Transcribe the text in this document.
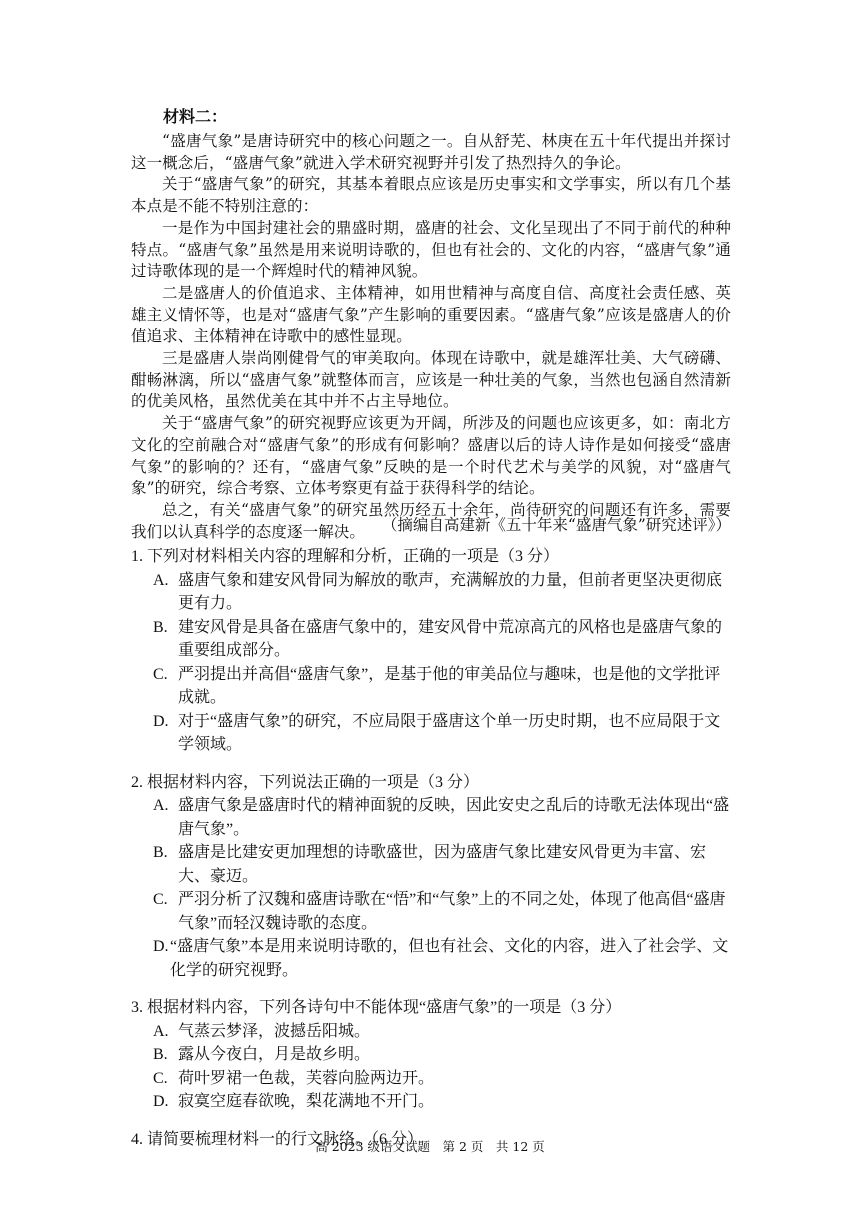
材料二：

“盛唐气象”是唐诗研究中的核心问题之一。自从舒芜、林庚在五十年代提出并探讨这一概念后，“盛唐气象”就进入学术研究视野并引发了热烈持久的争论。

关于“盛唐气象”的研究，其基本着眼点应该是历史事实和文学事实，所以有几个基本点是不能不特别注意的：

一是作为中国封建社会的鼎盛时期，盛唐的社会、文化呈现出了不同于前代的种种特点。“盛唐气象”虽然是用来说明诗歌的，但也有社会的、文化的内容，“盛唐气象”通过诗歌体现的是一个辉煌时代的精神风貌。

二是盛唐人的价值追求、主体精神，如用世精神与高度自信、高度社会责任感、英雄主义情怀等，也是对“盛唐气象”产生影响的重要因素。“盛唐气象”应该是盛唐人的价值追求、主体精神在诗歌中的感性显现。

三是盛唐人崇尚刚健骨气的审美取向。体现在诗歌中，就是雄浑壮美、大气磅礴、酣畅淋漓，所以“盛唐气象”就整体而言，应该是一种壮美的气象，当然也包涵自然清新的优美风格，虽然优美在其中并不占主导地位。

关于“盛唐气象”的研究视野应该更为开阔，所涉及的问题也应该更多，如：南北方文化的空前融合对“盛唐气象”的形成有何影响？盛唐以后的诗人诗作是如何接受“盛唐气象”的影响的？还有，“盛唐气象”反映的是一个时代艺术与美学的风貌，对“盛唐气象”的研究，综合考察、立体考察更有益于获得科学的结论。

总之，有关“盛唐气象”的研究虽然历经五十余年，尚待研究的问题还有许多，需要我们以认真科学的态度逐一解决。	（摘编自高建新《五十年来“盛唐气象”研究述评》）

1. 下列对材料相关内容的理解和分析，正确的一项是（3 分）

A. 盛唐气象和建安风骨同为解放的歌声，充满解放的力量，但前者更坚决更彻底更有力。
B. 建安风骨是具备在盛唐气象中的，建安风骨中荒凉高亢的风格也是盛唐气象的重要组成部分。
C. 严羽提出并高倡“盛唐气象”，是基于他的审美品位与趣味，也是他的文学批评成就。
D. 对于“盛唐气象”的研究，不应局限于盛唐这个单一历史时期，也不应局限于文学领域。

2. 根据材料内容，下列说法正确的一项是（3 分）

A. 盛唐气象是盛唐时代的精神面貌的反映，因此安史之乱后的诗歌无法体现出“盛唐气象”。
B. 盛唐是比建安更加理想的诗歌盛世，因为盛唐气象比建安风骨更为丰富、宏大、豪迈。
C. 严羽分析了汉魏和盛唐诗歌在“悟”和“气象”上的不同之处，体现了他高倡“盛唐气象”而轻汉魏诗歌的态度。
D. “盛唐气象”本是用来说明诗歌的，但也有社会、文化的内容，进入了社会学、文化学的研究视野。

3. 根据材料内容，下列各诗句中不能体现“盛唐气象”的一项是（3 分）

A. 气蒸云梦泽，波撼岳阳城。
B. 露从今夜白，月是故乡明。
C. 荷叶罗裙一色裁，芙蓉向脸两边开。
D. 寂寞空庭春欲晚，梨花满地不开门。

4. 请简要梳理材料一的行文脉络。（6 分）

高 2023 级语文试题　第 2 页　共 12 页
